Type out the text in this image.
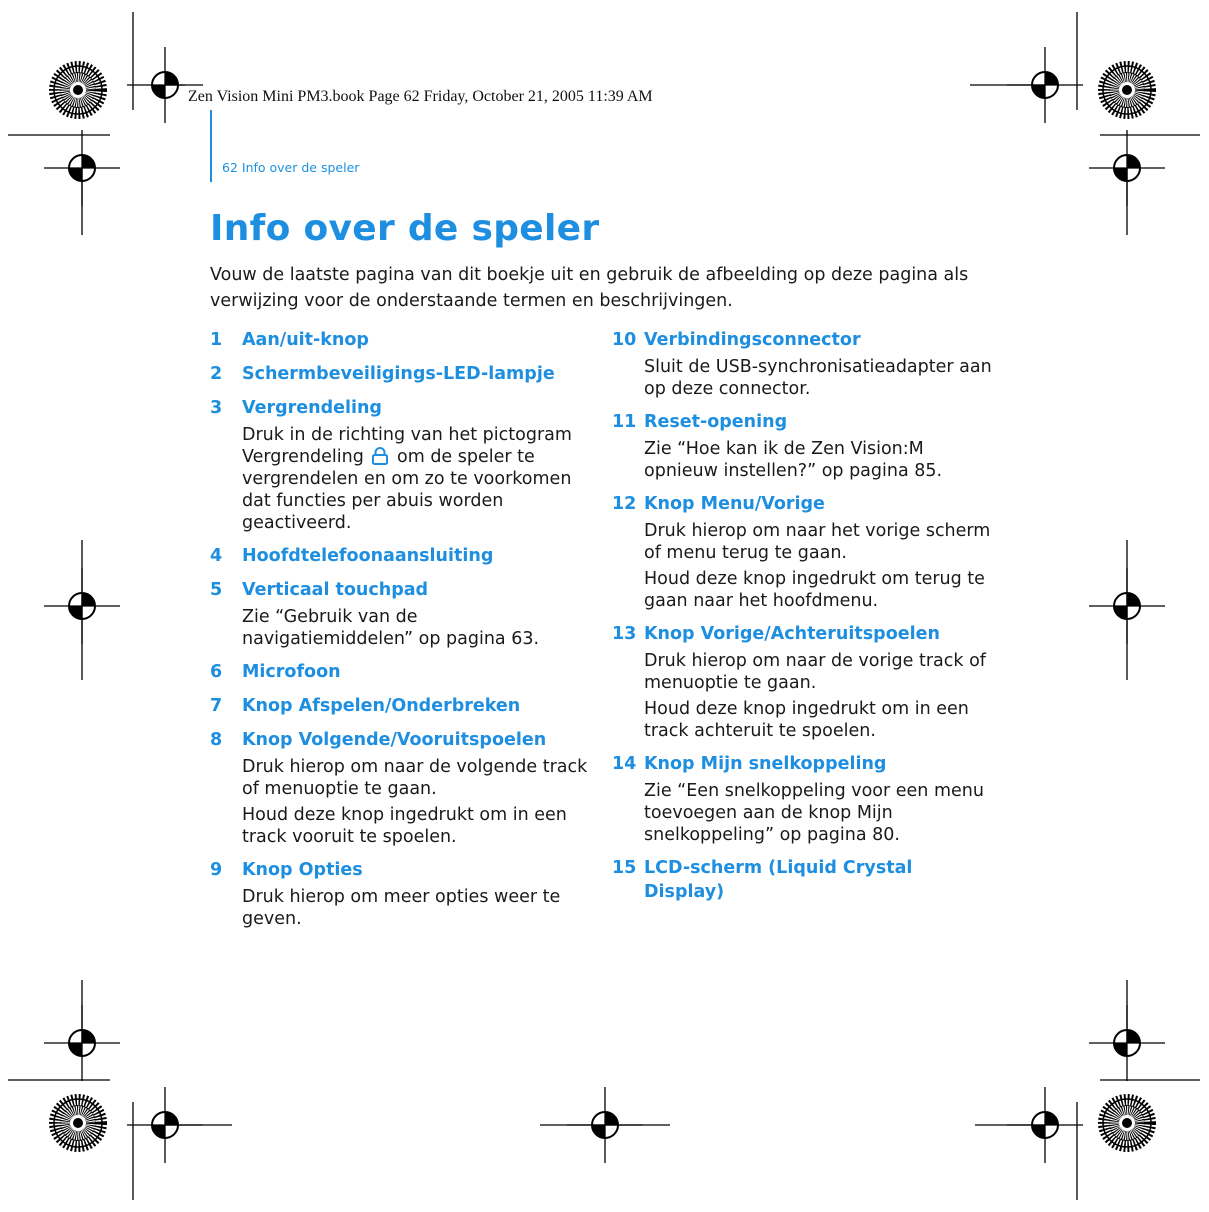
Zen Vision Mini PM3.book Page 62 Friday, October 21, 2005 11:39 AM
62 Info over de speler
Info over de speler

Vouw de laatste pagina van dit boekje uit en gebruik de afbeelding op deze pagina als verwijzing voor de onderstaande termen en beschrijvingen.

1	Aan/uit-knop
2	Schermbeveiligings-LED-lampje
3	Vergrendeling
Druk in de richting van het pictogram Vergrendeling om de speler te vergrendelen en om zo te voorkomen dat functies per abuis worden geactiveerd.
4	Hoofdtelefoonaansluiting
5	Verticaal touchpad
Zie “Gebruik van de navigatiemiddelen” op pagina 63.
6	Microfoon
7	Knop Afspelen/Onderbreken
8	Knop Volgende/Vooruitspoelen
Druk hierop om naar de volgende track of menuoptie te gaan.
Houd deze knop ingedrukt om in een track vooruit te spoelen.
9	Knop Opties
Druk hierop om meer opties weer te geven.
10 Verbindingsconnector
Sluit de USB-synchronisatieadapter aan op deze connector.
11 Reset-opening
Zie “Hoe kan ik de Zen Vision:M opnieuw instellen?” op pagina 85.
12 Knop Menu/Vorige
Druk hierop om naar het vorige scherm of menu terug te gaan.
Houd deze knop ingedrukt om terug te gaan naar het hoofdmenu.
13 Knop Vorige/Achteruitspoelen
Druk hierop om naar de vorige track of menuoptie te gaan.
Houd deze knop ingedrukt om in een track achteruit te spoelen.
14 Knop Mijn snelkoppeling
Zie “Een snelkoppeling voor een menu toevoegen aan de knop Mijn snelkoppeling” op pagina 80.
15 LCD-scherm (Liquid Crystal Display)
